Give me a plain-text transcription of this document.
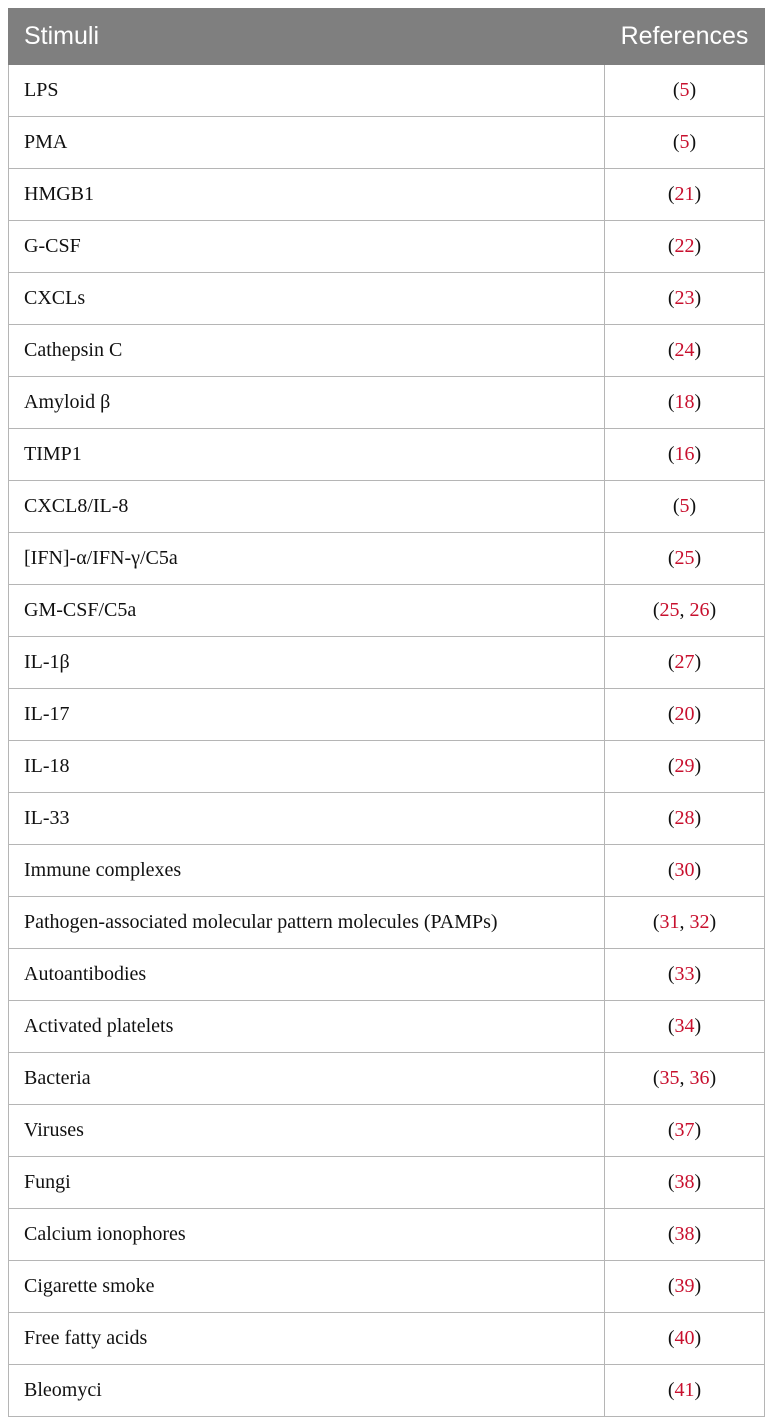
Stimuli	References
LPS	(5)
PMA	(5)
HMGB1	(21)
G-CSF	(22)
CXCLs	(23)
Cathepsin C	(24)
Amyloid β	(18)
TIMP1	(16)
CXCL8/IL-8	(5)
[IFN]-α/IFN-γ/C5a	(25)
GM-CSF/C5a	(25, 26)
IL-1β	(27)
IL-17	(20)
IL-18	(29)
IL-33	(28)
Immune complexes	(30)
Pathogen-associated molecular pattern molecules (PAMPs)	(31, 32)
Autoantibodies	(33)
Activated platelets	(34)
Bacteria	(35, 36)
Viruses	(37)
Fungi	(38)
Calcium ionophores	(38)
Cigarette smoke	(39)
Free fatty acids	(40)
Bleomyci	(41)
